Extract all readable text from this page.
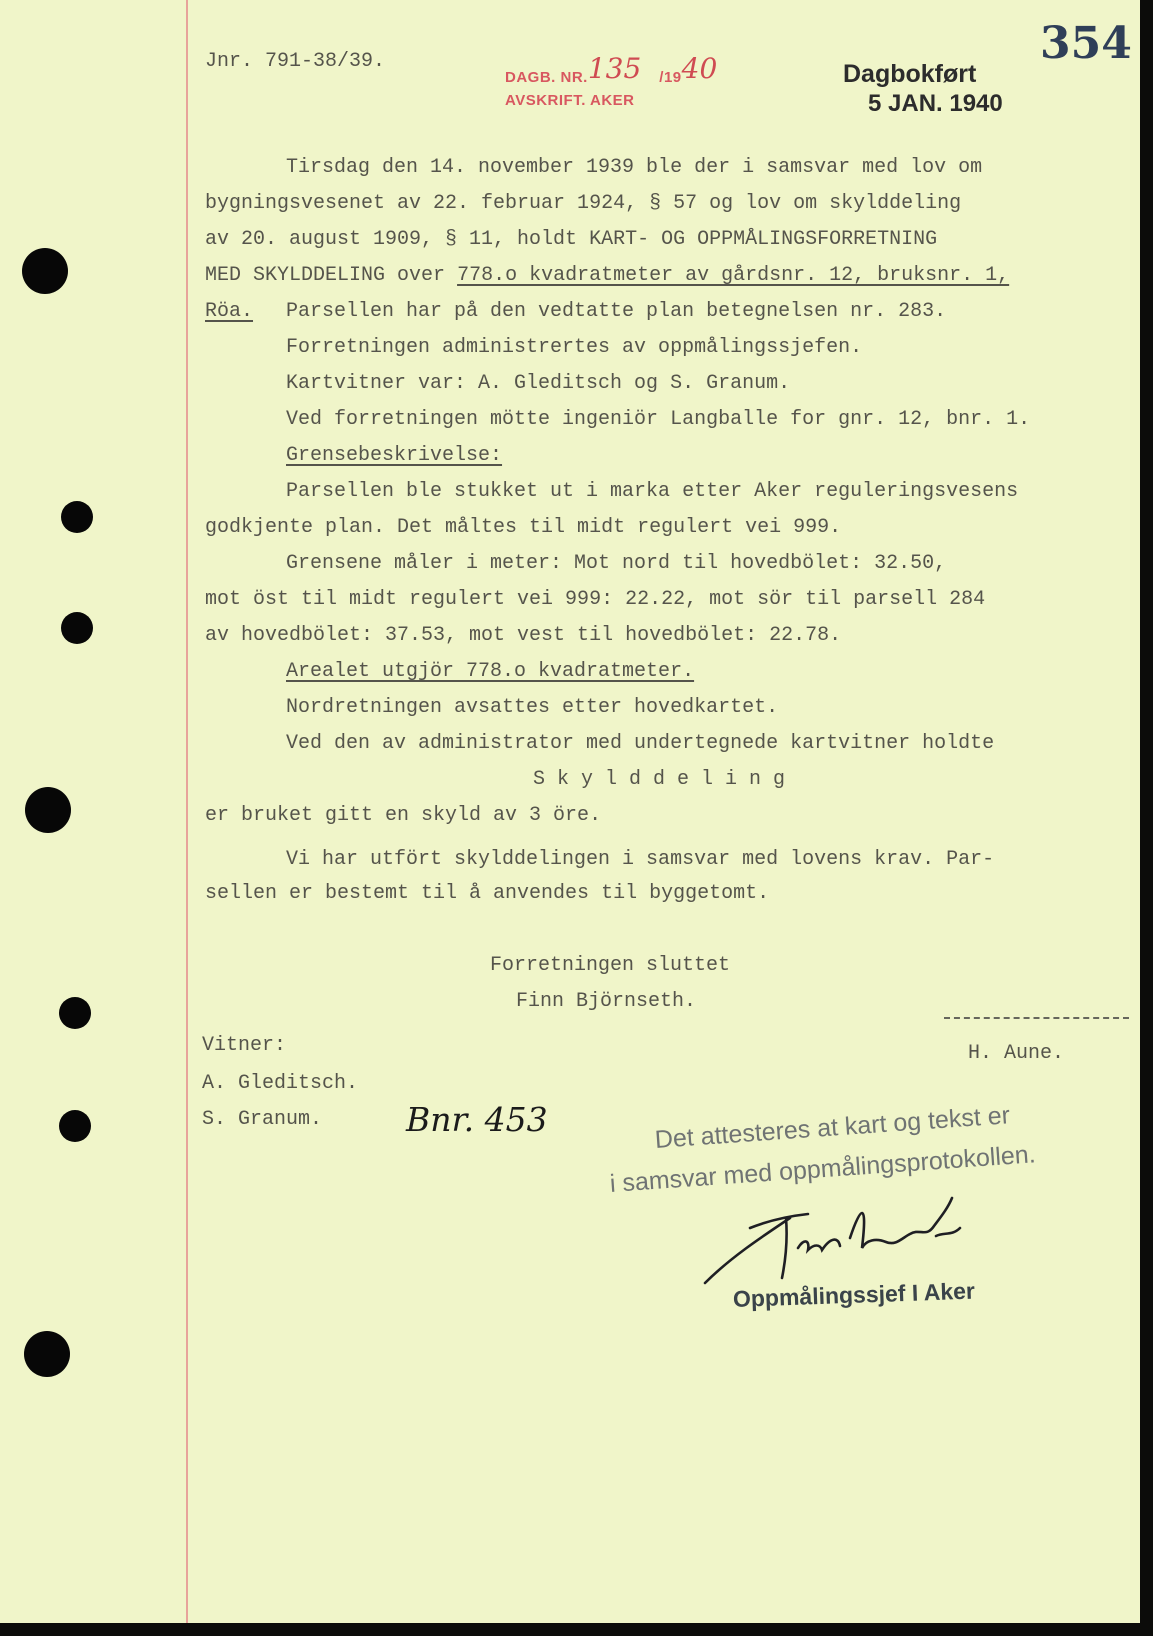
Jnr. 791-38/39.	354
DAGB. NR.135 /1940
AVSKRIFT. AKER
Dagbokført
5 JAN. 1940
Tirsdag den 14. november 1939 ble der i samsvar med lov om
bygningsvesenet av 22. februar 1924, § 57 og lov om skylddeling
av 20. august 1909, § 11, holdt KART- OG OPPMÅLINGSFORRETNING
MED SKYLDDELING over 778.o kvadratmeter av gårdsnr. 12, bruksnr. 1,
Röa. Parsellen har på den vedtatte plan betegnelsen nr. 283.
Forretningen administrertes av oppmålingssjefen.
Kartvitner var: A. Gleditsch og S. Granum.
Ved forretningen mötte ingeniör Langballe for gnr. 12, bnr. 1.
Grensebeskrivelse:
Parsellen ble stukket ut i marka etter Aker reguleringsvesens
godkjente plan. Det måltes til midt regulert vei 999.
Grensene måler i meter: Mot nord til hovedbölet: 32.50,
mot öst til midt regulert vei 999: 22.22, mot sör til parsell 284
av hovedbölet: 37.53, mot vest til hovedbölet: 22.78.
Arealet utgjör 778.o kvadratmeter.
Nordretningen avsattes etter hovedkartet.
Ved den av administrator med undertegnede kartvitner holdte
S k y l d d e l i n g
er bruket gitt en skyld av 3 öre.
Vi har utfört skylddelingen i samsvar med lovens krav. Par-
sellen er bestemt til å anvendes til byggetomt.
Forretningen sluttet
Finn Björnseth.
Vitner:	H. Aune.
A. Gleditsch.
S. Granum.	Bnr. 453	Det attesteres at kart og tekst er
i samsvar med oppmålingsprotokollen.
Oppmålingssjef I Aker
